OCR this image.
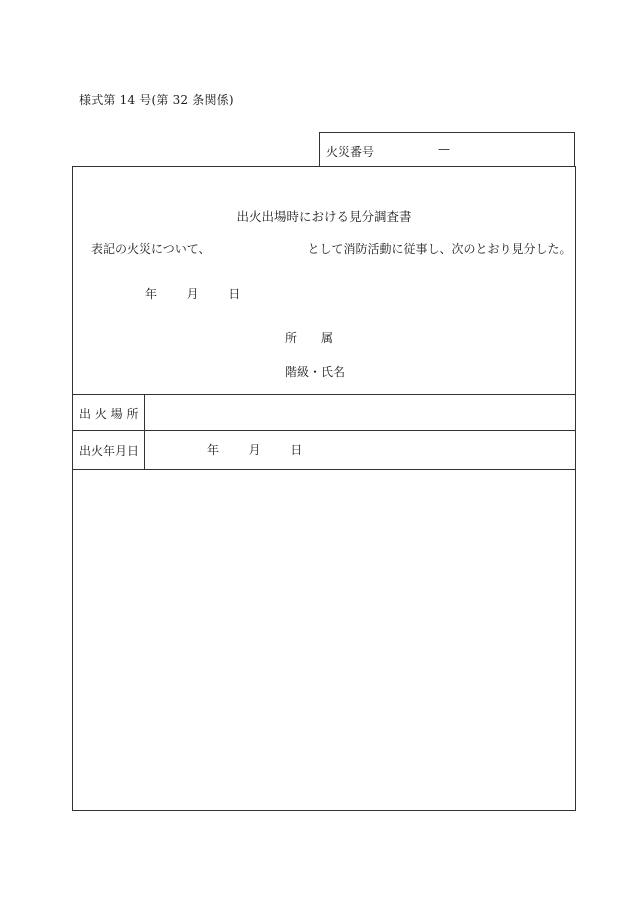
様式第 14 号(第 32 条関係)
火災番号	—
出火出場時における見分調査書
表記の火災について、	として消防活動に従事し、次のとおり見分した。
年 月 日
所　　属
階級・氏名
出 火 場 所
出火年月日	年 月 日
